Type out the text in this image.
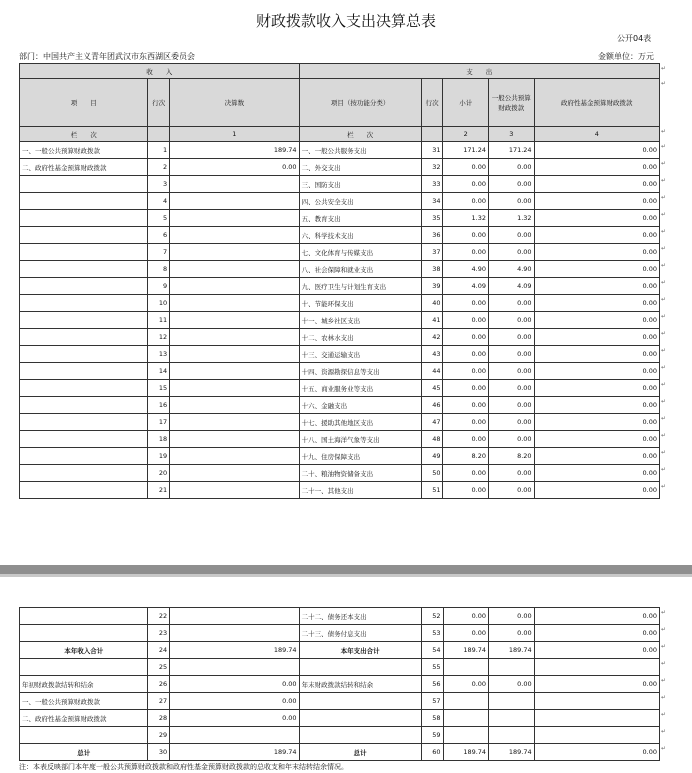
财政拨款收入支出决算总表
公开04表
部门：中国共产主义青年团武汉市东西湖区委员会	金额单位：万元
收　　入			支　　出				
项　　目	行次	决算数	项目（按功能分类）	行次	小计	一般公共预算财政拨款	政府性基金预算财政拨款
栏　　次		1	栏　　次		2	3	4
一、一般公共预算财政拨款	1	189.74	一、一般公共服务支出	31	171.24	171.24	0.00
二、政府性基金预算财政拨款	2	0.00	二、外交支出	32	0.00	0.00	0.00
	3		三、国防支出	33	0.00	0.00	0.00
	4		四、公共安全支出	34	0.00	0.00	0.00
	5		五、教育支出	35	1.32	1.32	0.00
	6		六、科学技术支出	36	0.00	0.00	0.00
	7		七、文化体育与传媒支出	37	0.00	0.00	0.00
	8		八、社会保障和就业支出	38	4.90	4.90	0.00
	9		九、医疗卫生与计划生育支出	39	4.09	4.09	0.00
	10		十、节能环保支出	40	0.00	0.00	0.00
	11		十一、城乡社区支出	41	0.00	0.00	0.00
	12		十二、农林水支出	42	0.00	0.00	0.00
	13		十三、交通运输支出	43	0.00	0.00	0.00
	14		十四、资源勘探信息等支出	44	0.00	0.00	0.00
	15		十五、商业服务业等支出	45	0.00	0.00	0.00
	16		十六、金融支出	46	0.00	0.00	0.00
	17		十七、援助其他地区支出	47	0.00	0.00	0.00
	18		十八、国土海洋气象等支出	48	0.00	0.00	0.00
	19		十九、住房保障支出	49	8.20	8.20	0.00
	20		二十、粮油物资储备支出	50	0.00	0.00	0.00
	21		二十一、其他支出	51	0.00	0.00	0.00
	22		二十二、债务还本支出	52	0.00	0.00	0.00
	23		二十三、债务付息支出	53	0.00	0.00	0.00
本年收入合计	24	189.74	本年支出合计	54	189.74	189.74	0.00
	25			55			
年初财政拨款结转和结余	26	0.00	年末财政拨款结转和结余	56	0.00	0.00	0.00
一、一般公共预算财政拨款	27	0.00		57			
二、政府性基金预算财政拨款	28	0.00		58			
	29			59			
总计	30	189.74	总计	60	189.74	189.74	0.00
注：本表反映部门本年度一般公共预算财政拨款和政府性基金预算财政拨款的总收支和年末结转结余情况。
↵
↵
↵
↵
↵
↵
↵
↵
↵
↵
↵
↵
↵
↵
↵
↵
↵
↵
↵
↵
↵
↵
↵
↵
↵
↵
↵
↵
↵
↵
↵
↵
↵
